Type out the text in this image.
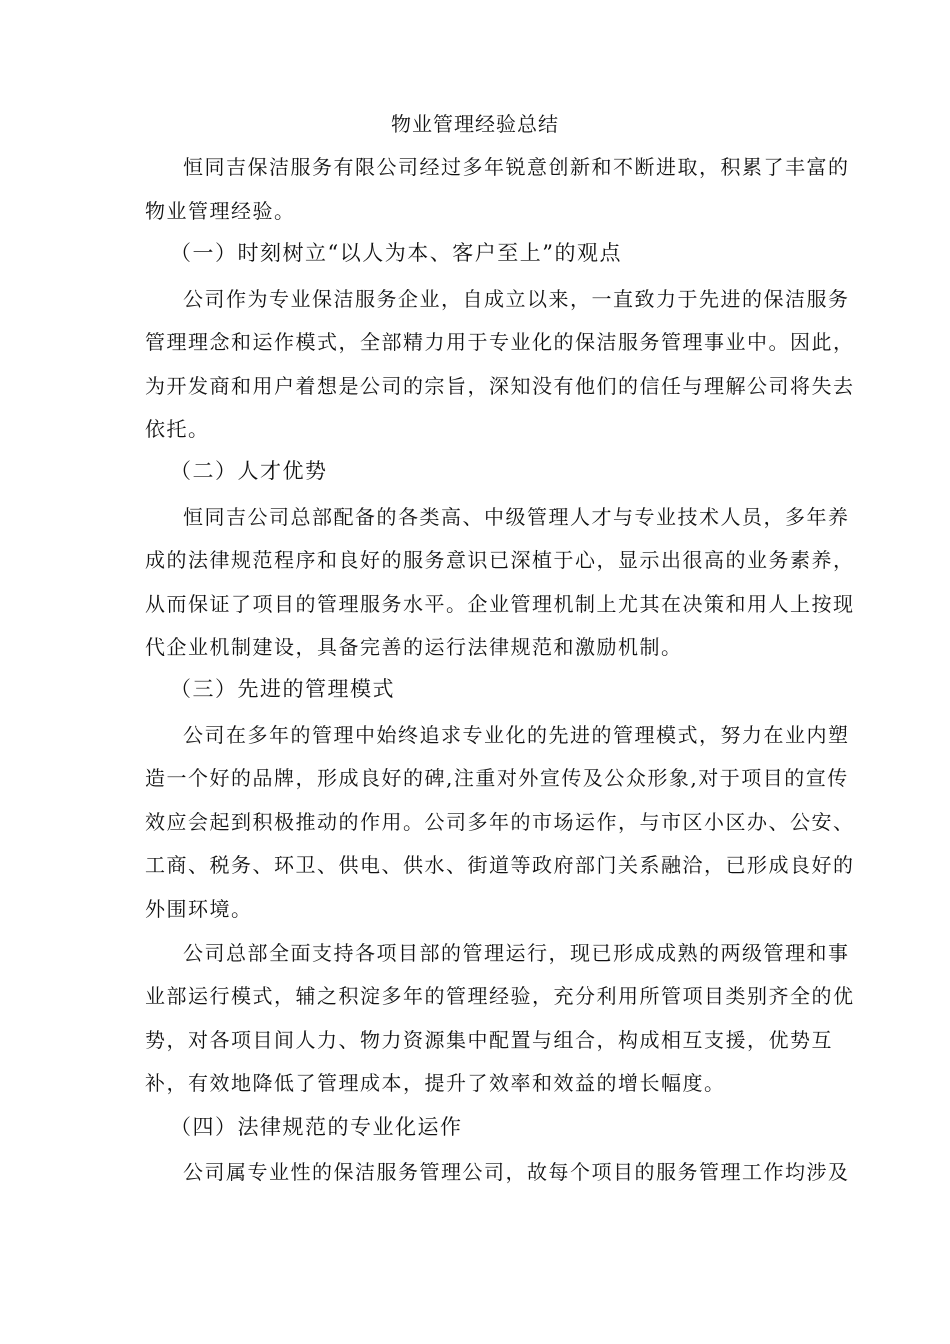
物业管理经验总结
恒同吉保洁服务有限公司经过多年锐意创新和不断进取，积累了丰富的
物业管理经验。
（一）时刻树立“以人为本、客户至上”的观点
公司作为专业保洁服务企业，自成立以来，一直致力于先进的保洁服务
管理理念和运作模式，全部精力用于专业化的保洁服务管理事业中。因此，
为开发商和用户着想是公司的宗旨，深知没有他们的信任与理解公司将失去
依托。
（二）人才优势
恒同吉公司总部配备的各类高、中级管理人才与专业技术人员，多年养
成的法律规范程序和良好的服务意识已深植于心，显示出很高的业务素养，
从而保证了项目的管理服务水平。企业管理机制上尤其在决策和用人上按现
代企业机制建设，具备完善的运行法律规范和激励机制。
（三）先进的管理模式
公司在多年的管理中始终追求专业化的先进的管理模式，努力在业内塑
造一个好的品牌，形成良好的碑,注重对外宣传及公众形象,对于项目的宣传
效应会起到积极推动的作用。公司多年的市场运作，与市区小区办、公安、
工商、税务、环卫、供电、供水、街道等政府部门关系融洽，已形成良好的
外围环境。
公司总部全面支持各项目部的管理运行，现已形成成熟的两级管理和事
业部运行模式，辅之积淀多年的管理经验，充分利用所管项目类别齐全的优
势，对各项目间人力、物力资源集中配置与组合，构成相互支援，优势互
补，有效地降低了管理成本，提升了效率和效益的增长幅度。
（四）法律规范的专业化运作
公司属专业性的保洁服务管理公司，故每个项目的服务管理工作均涉及
